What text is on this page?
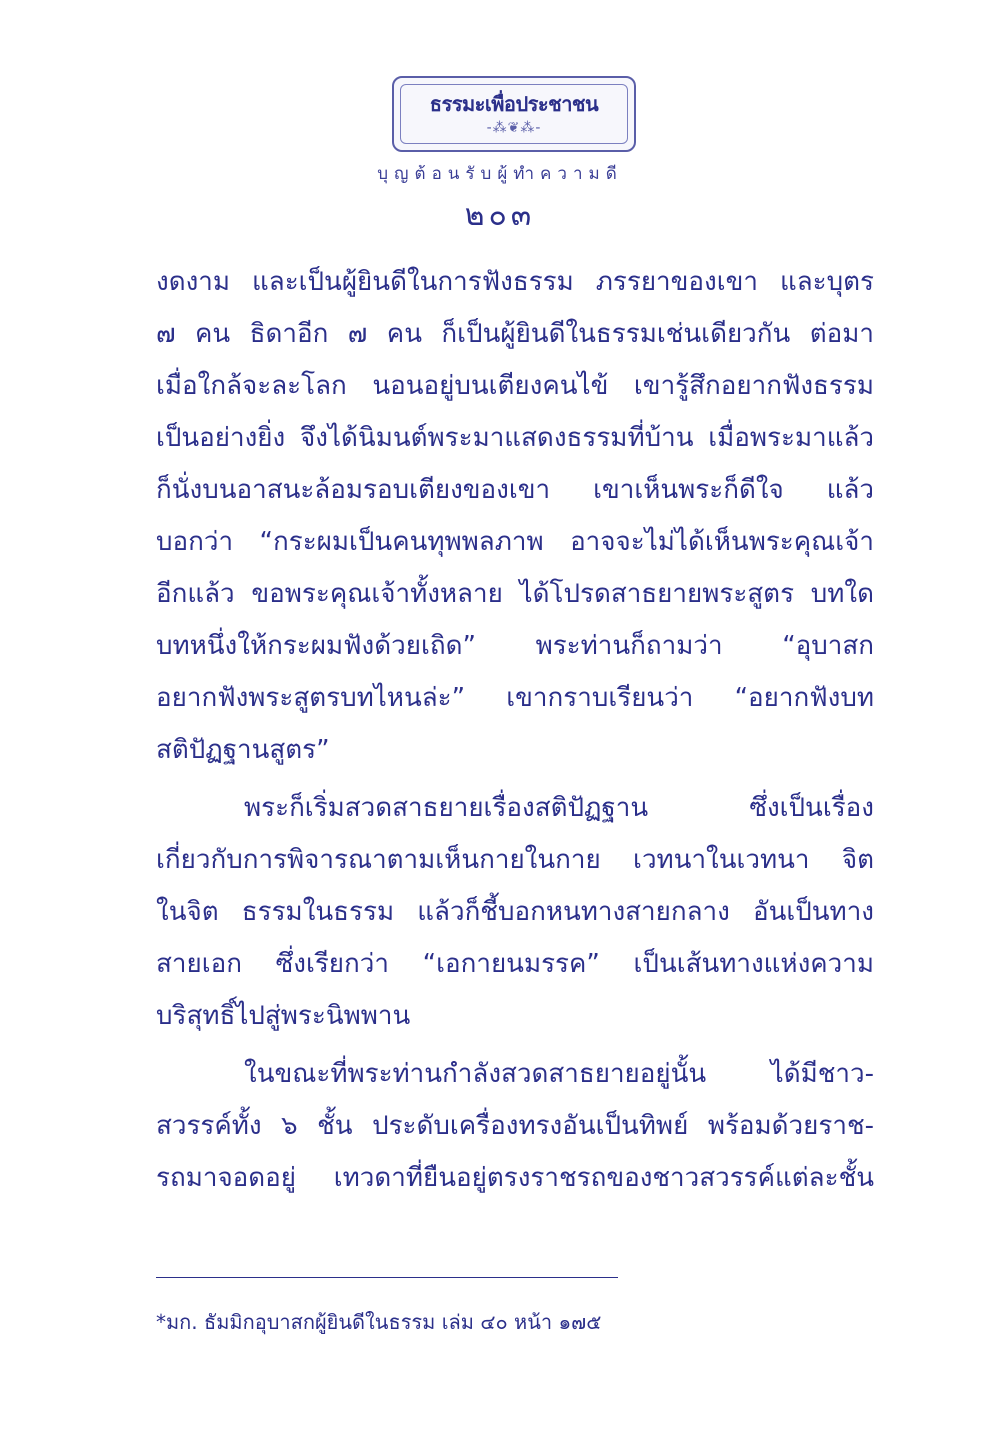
ธรรมะเพื่อประชาชน
-⁂❦⁂-
บุญต้อนรับผู้ทำความดี
๒๐๓
งดงาม และเป็นผู้ยินดีในการฟังธรรม ภรรยาของเขา และบุตร
๗ คน ธิดาอีก ๗ คน ก็เป็นผู้ยินดีในธรรมเช่นเดียวกัน ต่อมา
เมื่อใกล้จะละโลก นอนอยู่บนเตียงคนไข้ เขารู้สึกอยากฟังธรรม
เป็นอย่างยิ่ง จึงได้นิมนต์พระมาแสดงธรรมที่บ้าน เมื่อพระมาแล้ว
ก็นั่งบนอาสนะล้อมรอบเตียงของเขา เขาเห็นพระก็ดีใจ แล้ว
บอกว่า “กระผมเป็นคนทุพพลภาพ อาจจะไม่ได้เห็นพระคุณเจ้า
อีกแล้ว ขอพระคุณเจ้าทั้งหลาย ได้โปรดสาธยายพระสูตร บทใด
บทหนึ่งให้กระผมฟังด้วยเถิด” พระท่านก็ถามว่า “อุบาสก
อยากฟังพระสูตรบทไหนล่ะ” เขากราบเรียนว่า “อยากฟังบท
สติปัฏฐานสูตร”
พระก็เริ่มสวดสาธยายเรื่องสติปัฏฐาน ซึ่งเป็นเรื่อง
เกี่ยวกับการพิจารณาตามเห็นกายในกาย เวทนาในเวทนา จิต
ในจิต ธรรมในธรรม แล้วก็ชี้บอกหนทางสายกลาง อันเป็นทาง
สายเอก ซึ่งเรียกว่า “เอกายนมรรค” เป็นเส้นทางแห่งความ
บริสุทธิ์ไปสู่พระนิพพาน
ในขณะที่พระท่านกำลังสวดสาธยายอยู่นั้น ได้มีชาว-
สวรรค์ทั้ง ๖ ชั้น ประดับเครื่องทรงอันเป็นทิพย์ พร้อมด้วยราช-
รถมาจอดอยู่ เทวดาที่ยืนอยู่ตรงราชรถของชาวสวรรค์แต่ละชั้น
*มก. ธัมมิกอุบาสกผู้ยินดีในธรรม เล่ม ๔๐ หน้า ๑๗๕
